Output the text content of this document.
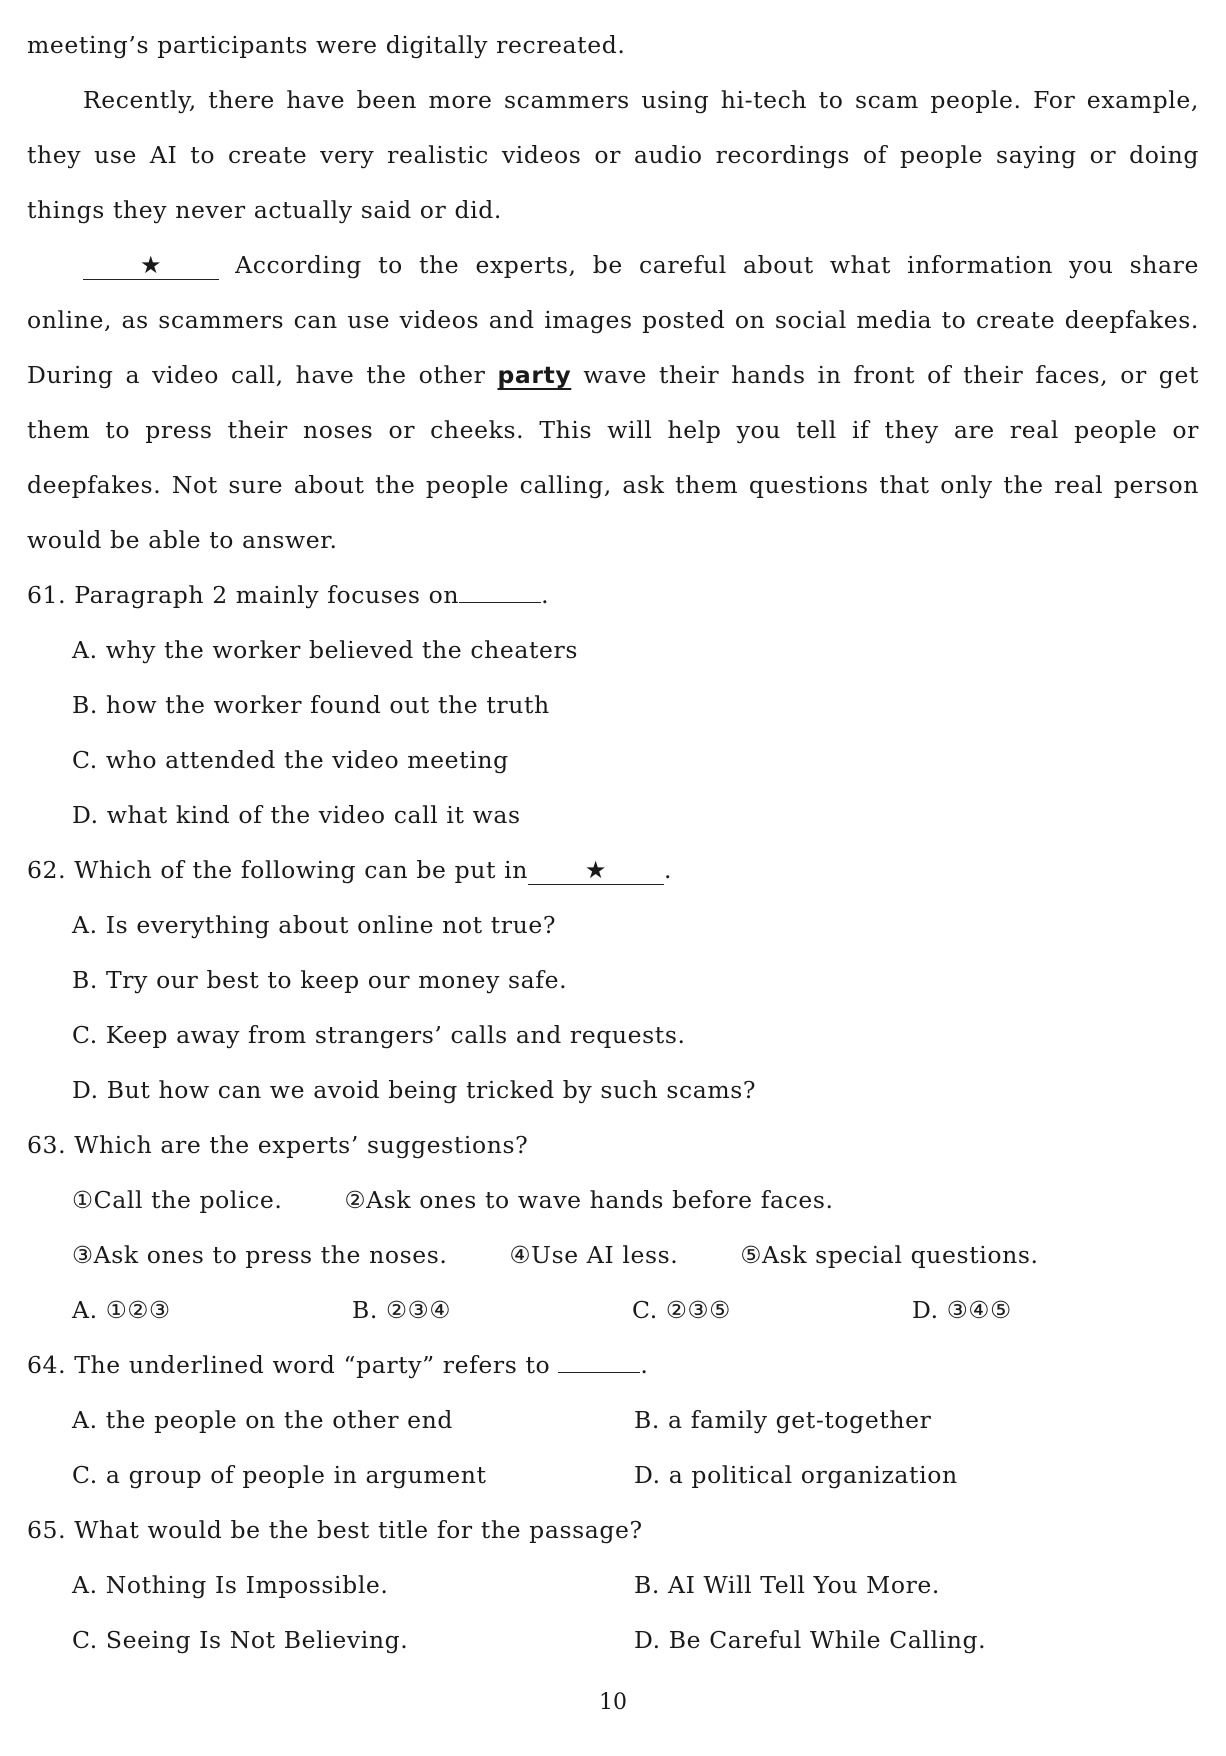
meeting’s participants were digitally recreated.

Recently, there have been more scammers using hi-tech to scam people. For example, they use AI to create very realistic videos or audio recordings of people saying or doing things they never actually said or did.

★	According to the experts, be careful about what information you share online, as scammers can use videos and images posted on social media to create deepfakes. During a video call, have the other party wave their hands in front of their faces, or get them to press their noses or cheeks. This will help you tell if they are real people or deepfakes. Not sure about the people calling, ask them questions that only the real person would be able to answer.

61. Paragraph 2 mainly focuses on	.

A. why the worker believed the cheaters

B. how the worker found out the truth

C. who attended the video meeting

D. what kind of the video call it was

62. Which of the following can be put in ★ .

A. Is everything about online not true?

B. Try our best to keep our money safe.

C. Keep away from strangers’ calls and requests.

D. But how can we avoid being tricked by such scams?

63. Which are the experts’ suggestions?

①Call the police.	②Ask ones to wave hands before faces.
③Ask ones to press the noses.	④Use AI less.	⑤Ask special questions.
A. ①②③	B. ②③④	C. ②③⑤	D. ③④⑤

64. The underlined word “party” refers to	.

A. the people on the other end	B. a family get-together
C. a group of people in argument	D. a political organization

65. What would be the best title for the passage?

A. Nothing Is Impossible.	B. AI Will Tell You More.
C. Seeing Is Not Believing.	D. Be Careful While Calling.
10
